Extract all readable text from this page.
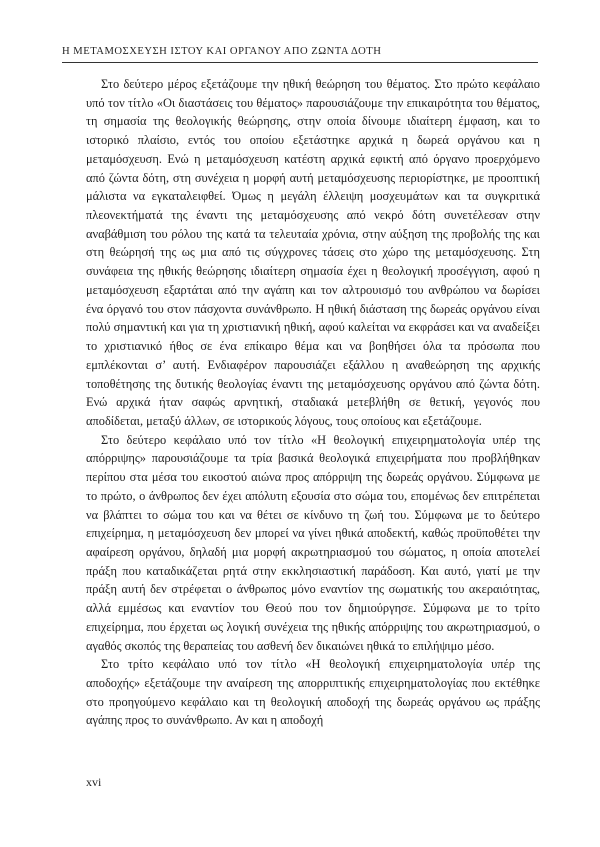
Η ΜΕΤΑΜΟΣΧΕΥΣΗ ΙΣΤΟΥ ΚΑΙ ΟΡΓΑΝΟΥ ΑΠΟ ΖΩΝΤΑ ΔΟΤΗ

Στο δεύτερο μέρος εξετάζουμε την ηθική θεώρηση του θέματος. Στο πρώτο κεφάλαιο υπό τον τίτλο «Οι διαστάσεις του θέματος» παρουσιάζουμε την επικαιρότητα του θέματος, τη σημασία της θεολογικής θεώρησης, στην οποία δίνουμε ιδιαίτερη έμφαση, και το ιστορικό πλαίσιο, εντός του οποίου εξετάστηκε αρχικά η δωρεά οργάνου και η μεταμόσχευση. Ενώ η μεταμόσχευση κατέστη αρχικά εφικτή από όργανο προερχόμενο από ζώντα δότη, στη συνέχεια η μορφή αυτή μεταμόσχευσης περιορίστηκε, με προοπτική μάλιστα να εγκαταλειφθεί. Όμως η μεγάλη έλλειψη μοσχευμάτων και τα συγκριτικά πλεονεκτήματά της έναντι της μεταμόσχευσης από νεκρό δότη συνετέλεσαν στην αναβάθμιση του ρόλου της κατά τα τελευταία χρόνια, στην αύξηση της προβολής της και στη θεώρησή της ως μια από τις σύγχρονες τάσεις στο χώρο της μεταμόσχευσης. Στη συνάφεια της ηθικής θεώρησης ιδιαίτερη σημασία έχει η θεολογική προσέγγιση, αφού η μεταμόσχευση εξαρτάται από την αγάπη και τον αλτρουισμό του ανθρώπου να δωρίσει ένα όργανό του στον πάσχοντα συνάνθρωπο. Η ηθική διάσταση της δωρεάς οργάνου είναι πολύ σημαντική και για τη χριστιανική ηθική, αφού καλείται να εκφράσει και να αναδείξει το χριστιανικό ήθος σε ένα επίκαιρο θέμα και να βοηθήσει όλα τα πρόσωπα που εμπλέκονται σ’ αυτή. Ενδιαφέρον παρουσιάζει εξάλλου η αναθεώρηση της αρχικής τοποθέτησης της δυτικής θεολογίας έναντι της μεταμόσχευσης οργάνου από ζώντα δότη. Ενώ αρχικά ήταν σαφώς αρνητική, σταδιακά μετεβλήθη σε θετική, γεγονός που αποδίδεται, μεταξύ άλλων, σε ιστορικούς λόγους, τους οποίους και εξετάζουμε.

Στο δεύτερο κεφάλαιο υπό τον τίτλο «Η θεολογική επιχειρηματολογία υπέρ της απόρριψης» παρουσιάζουμε τα τρία βασικά θεολογικά επιχειρήματα που προβλήθηκαν περίπου στα μέσα του εικοστού αιώνα προς απόρριψη της δωρεάς οργάνου. Σύμφωνα με το πρώτο, ο άνθρωπος δεν έχει απόλυτη εξουσία στο σώμα του, επομένως δεν επιτρέπεται να βλάπτει το σώμα του και να θέτει σε κίνδυνο τη ζωή του. Σύμφωνα με το δεύτερο επιχείρημα, η μεταμόσχευση δεν μπορεί να γίνει ηθικά αποδεκτή, καθώς προϋποθέτει την αφαίρεση οργάνου, δηλαδή μια μορφή ακρωτηριασμού του σώματος, η οποία αποτελεί πράξη που καταδικάζεται ρητά στην εκκλησιαστική παράδοση. Και αυτό, γιατί με την πράξη αυτή δεν στρέφεται ο άνθρωπος μόνο εναντίον της σωματικής του ακεραιότητας, αλλά εμμέσως και εναντίον του Θεού που τον δημιούργησε. Σύμφωνα με το τρίτο επιχείρημα, που έρχεται ως λογική συνέχεια της ηθικής απόρριψης του ακρωτηριασμού, ο αγαθός σκοπός της θεραπείας του ασθενή δεν δικαιώνει ηθικά το επιλήψιμο μέσο.

Στο τρίτο κεφάλαιο υπό τον τίτλο «Η θεολογική επιχειρηματολογία υπέρ της αποδοχής» εξετάζουμε την αναίρεση της απορριπτικής επιχειρηματολογίας που εκτέθηκε στο προηγούμενο κεφάλαιο και τη θεολογική αποδοχή της δωρεάς οργάνου ως πράξης αγάπης προς το συνάνθρωπο. Αν και η αποδοχή

xvi
